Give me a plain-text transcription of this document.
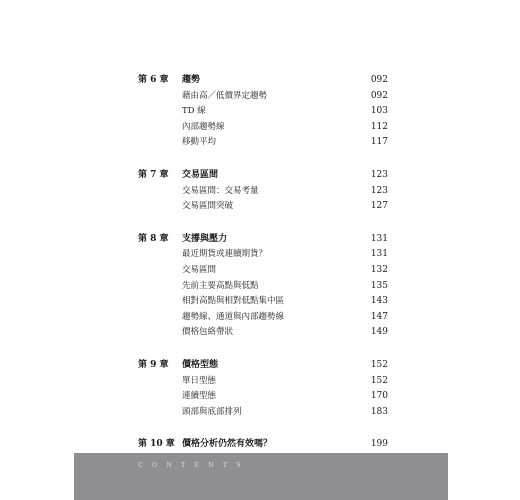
第 6 章 趨勢	092
藉由高／低價界定趨勢	092
TD 線	103
內部趨勢線	112
移動平均	117
第 7 章 交易區間	123
交易區間：交易考量	123
交易區間突破	127
第 8 章 支撐與壓力	131
最近期貨或連續期貨？	131
交易區間	132
先前主要高點與低點	135
相對高點與相對低點集中區	143
趨勢線、通道與內部趨勢線	147
價格包絡帶狀	149
第 9 章 價格型態	152
單日型態	152
連續型態	170
頭部與底部排列	183
第 10 章 價格分析仍然有效嗎？	199
CONTENTS
